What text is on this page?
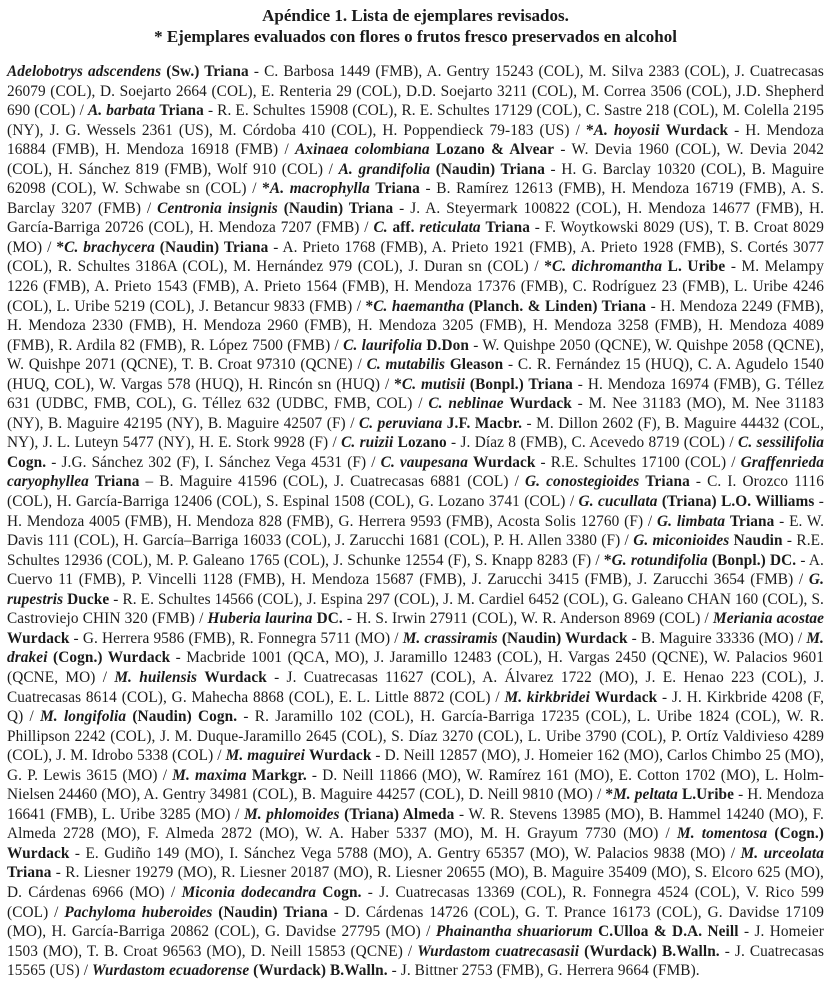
Apéndice 1. Lista de ejemplares revisados.
* Ejemplares evaluados con flores o frutos fresco preservados en alcohol
Adelobotrys adscendens (Sw.) Triana - C. Barbosa 1449 (FMB), A. Gentry 15243 (COL), M. Silva 2383 (COL), J. Cuatrecasas 26079 (COL), D. Soejarto 2664 (COL), E. Renteria 29 (COL), D.D. Soejarto 3211 (COL), M. Correa 3506 (COL), J.D. Shepherd 690 (COL) / A. barbata Triana - R. E. Schultes 15908 (COL), R. E. Schultes 17129 (COL), C. Sastre 218 (COL), M. Colella 2195 (NY), J. G. Wessels 2361 (US), M. Córdoba 410 (COL), H. Poppendieck 79-183 (US) / *A. hoyosii Wurdack - H. Mendoza 16884 (FMB), H. Mendoza 16918 (FMB) / Axinaea colombiana Lozano & Alvear - W. Devia 1960 (COL), W. Devia 2042 (COL), H. Sánchez 819 (FMB), Wolf 910 (COL) / A. grandifolia (Naudin) Triana - H. G. Barclay 10320 (COL), B. Maguire 62098 (COL), W. Schwabe sn (COL) / *A. macrophylla Triana - B. Ramírez 12613 (FMB), H. Mendoza 16719 (FMB), A. S. Barclay 3207 (FMB) / Centronia insignis (Naudin) Triana - J. A. Steyermark 100822 (COL), H. Mendoza 14677 (FMB), H. García-Barriga 20726 (COL), H. Mendoza 7207 (FMB) / C. aff. reticulata Triana - F. Woytkowski 8029 (US), T. B. Croat 8029 (MO) / *C. brachycera (Naudin) Triana - A. Prieto 1768 (FMB), A. Prieto 1921 (FMB), A. Prieto 1928 (FMB), S. Cortés 3077 (COL), R. Schultes 3186A (COL), M. Hernández 979 (COL), J. Duran sn (COL) / *C. dichromantha L. Uribe - M. Melampy 1226 (FMB), A. Prieto 1543 (FMB), A. Prieto 1564 (FMB), H. Mendoza 17376 (FMB), C. Rodríguez 23 (FMB), L. Uribe 4246 (COL), L. Uribe 5219 (COL), J. Betancur 9833 (FMB) / *C. haemantha (Planch. & Linden) Triana - H. Mendoza 2249 (FMB), H. Mendoza 2330 (FMB), H. Mendoza 2960 (FMB), H. Mendoza 3205 (FMB), H. Mendoza 3258 (FMB), H. Mendoza 4089 (FMB), R. Ardila 82 (FMB), R. López 7500 (FMB) / C. laurifolia D.Don - W. Quishpe 2050 (QCNE), W. Quishpe 2058 (QCNE), W. Quishpe 2071 (QCNE), T. B. Croat 97310 (QCNE) / C. mutabilis Gleason - C. R. Fernández 15 (HUQ), C. A. Agudelo 1540 (HUQ, COL), W. Vargas 578 (HUQ), H. Rincón sn (HUQ) / *C. mutisii (Bonpl.) Triana - H. Mendoza 16974 (FMB), G. Téllez 631 (UDBC, FMB, COL), G. Téllez 632 (UDBC, FMB, COL) / C. neblinae Wurdack - M. Nee 31183 (MO), M. Nee 31183 (NY), B. Maguire 42195 (NY), B. Maguire 42507 (F) / C. peruviana J.F. Macbr. - M. Dillon 2602 (F), B. Maguire 44432 (COL, NY), J. L. Luteyn 5477 (NY), H. E. Stork 9928 (F) / C. ruizii Lozano - J. Díaz 8 (FMB), C. Acevedo 8719 (COL) / C. sessilifolia Cogn. - J.G. Sánchez 302 (F), I. Sánchez Vega 4531 (F) / C. vaupesana Wurdack - R.E. Schultes 17100 (COL) / Graffenrieda caryophyllea Triana – B. Maguire 41596 (COL), J. Cuatrecasas 6881 (COL) / G. conostegioides Triana - C. I. Orozco 1116 (COL), H. García-Barriga 12406 (COL), S. Espinal 1508 (COL), G. Lozano 3741 (COL) / G. cucullata (Triana) L.O. Williams - H. Mendoza 4005 (FMB), H. Mendoza 828 (FMB), G. Herrera 9593 (FMB), Acosta Solis 12760 (F) / G. limbata Triana - E. W. Davis 111 (COL), H. García–Barriga 16033 (COL), J. Zarucchi 1681 (COL), P. H. Allen 3380 (F) / G. miconioides Naudin - R.E. Schultes 12936 (COL), M. P. Galeano 1765 (COL), J. Schunke 12554 (F), S. Knapp 8283 (F) / *G. rotundifolia (Bonpl.) DC. - A. Cuervo 11 (FMB), P. Vincelli 1128 (FMB), H. Mendoza 15687 (FMB), J. Zarucchi 3415 (FMB), J. Zarucchi 3654 (FMB) / G. rupestris Ducke - R. E. Schultes 14566 (COL), J. Espina 297 (COL), J. M. Cardiel 6452 (COL), G. Galeano CHAN 160 (COL), S. Castroviejo CHIN 320 (FMB) / Huberia laurina DC. - H. S. Irwin 27911 (COL), W. R. Anderson 8969 (COL) / Meriania acostae Wurdack - G. Herrera 9586 (FMB), R. Fonnegra 5711 (MO) / M. crassiramis (Naudin) Wurdack - B. Maguire 33336 (MO) / M. drakei (Cogn.) Wurdack - Macbride 1001 (QCA, MO), J. Jaramillo 12483 (COL), H. Vargas 2450 (QCNE), W. Palacios 9601 (QCNE, MO) / M. huilensis Wurdack - J. Cuatrecasas 11627 (COL), A. Álvarez 1722 (MO), J. E. Henao 223 (COL), J. Cuatrecasas 8614 (COL), G. Mahecha 8868 (COL), E. L. Little 8872 (COL) / M. kirkbridei Wurdack - J. H. Kirkbride 4208 (F, Q) / M. longifolia (Naudin) Cogn. - R. Jaramillo 102 (COL), H. García-Barriga 17235 (COL), L. Uribe 1824 (COL), W. R. Phillipson 2242 (COL), J. M. Duque-Jaramillo 2645 (COL), S. Díaz 3270 (COL), L. Uribe 3790 (COL), P. Ortíz Valdivieso 4289 (COL), J. M. Idrobo 5338 (COL) / M. maguirei Wurdack - D. Neill 12857 (MO), J. Homeier 162 (MO), Carlos Chimbo 25 (MO), G. P. Lewis 3615 (MO) / M. maxima Markgr. - D. Neill 11866 (MO), W. Ramírez 161 (MO), E. Cotton 1702 (MO), L. Holm-Nielsen 24460 (MO), A. Gentry 34981 (COL), B. Maguire 44257 (COL), D. Neill 9810 (MO) / *M. peltata L.Uribe - H. Mendoza 16641 (FMB), L. Uribe 3285 (MO) / M. phlomoides (Triana) Almeda - W. R. Stevens 13985 (MO), B. Hammel 14240 (MO), F. Almeda 2728 (MO), F. Almeda 2872 (MO), W. A. Haber 5337 (MO), M. H. Grayum 7730 (MO) / M. tomentosa (Cogn.) Wurdack - E. Gudiño 149 (MO), I. Sánchez Vega 5788 (MO), A. Gentry 65357 (MO), W. Palacios 9838 (MO) / M. urceolata Triana - R. Liesner 19279 (MO), R. Liesner 20187 (MO), R. Liesner 20655 (MO), B. Maguire 35409 (MO), S. Elcoro 625 (MO), D. Cárdenas 6966 (MO) / Miconia dodecandra Cogn. - J. Cuatrecasas 13369 (COL), R. Fonnegra 4524 (COL), V. Rico 599 (COL) / Pachyloma huberoides (Naudin) Triana - D. Cárdenas 14726 (COL), G. T. Prance 16173 (COL), G. Davidse 17109 (MO), H. García-Barriga 20862 (COL), G. Davidse 27795 (MO) / Phainantha shuariorum C.Ulloa & D.A. Neill - J. Homeier 1503 (MO), T. B. Croat 96563 (MO), D. Neill 15853 (QCNE) / Wurdastom cuatrecasasii (Wurdack) B.Walln. - J. Cuatrecasas 15565 (US) / Wurdastom ecuadorense (Wurdack) B.Walln. - J. Bittner 2753 (FMB), G. Herrera 9664 (FMB).
